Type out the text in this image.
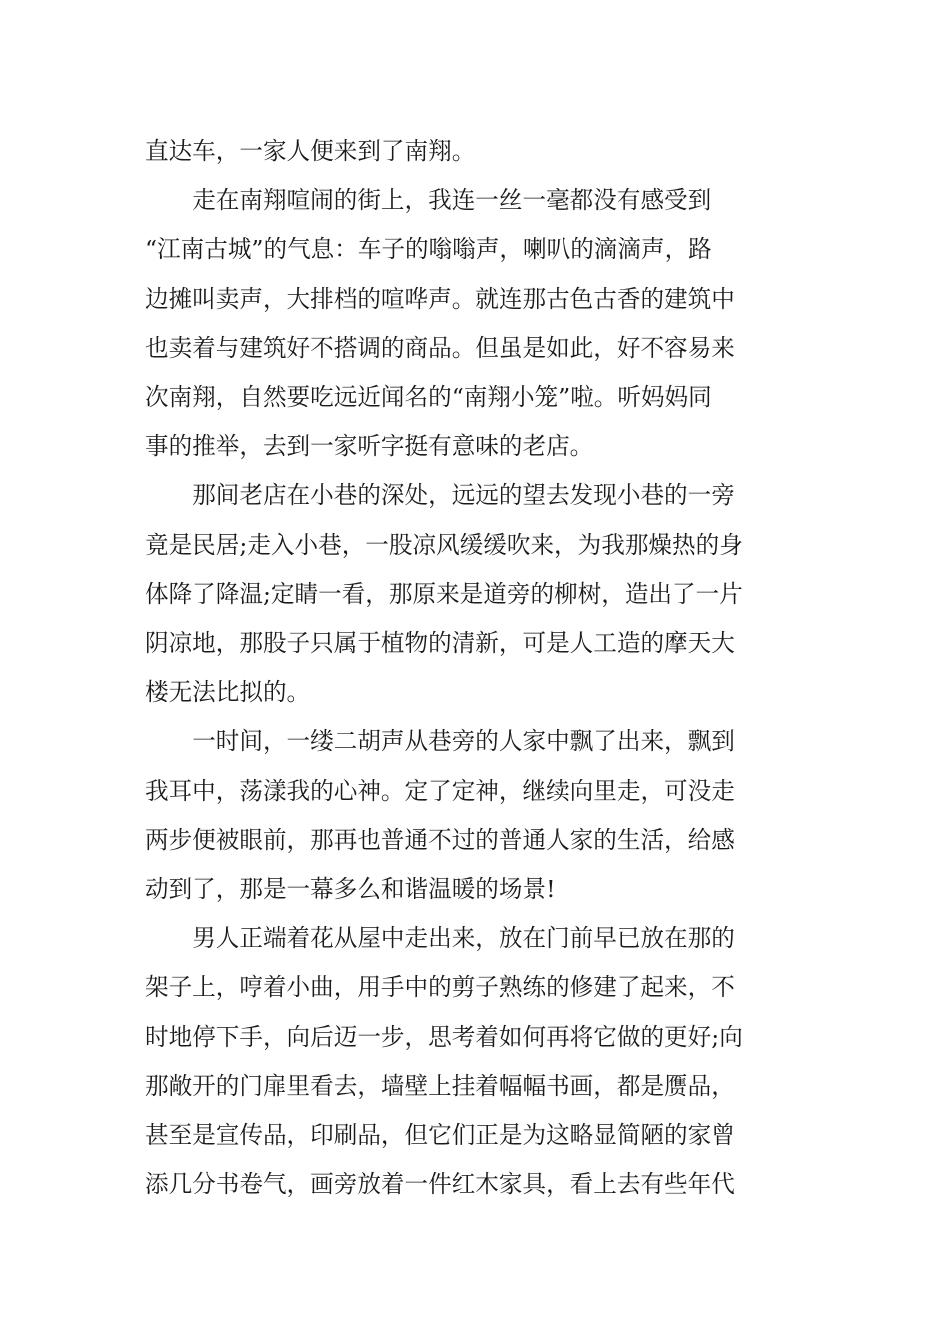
直达车，一家人便来到了南翔。

走在南翔喧闹的街上，我连一丝一毫都没有感受到
“江南古城”的气息：车子的嗡嗡声，喇叭的滴滴声，路
边摊叫卖声，大排档的喧哗声。就连那古色古香的建筑中
也卖着与建筑好不搭调的商品。但虽是如此，好不容易来
次南翔，自然要吃远近闻名的“南翔小笼”啦。听妈妈同
事的推举，去到一家听字挺有意味的老店。

那间老店在小巷的深处，远远的望去发现小巷的一旁
竟是民居;走入小巷，一股凉风缓缓吹来，为我那燥热的身
体降了降温;定睛一看，那原来是道旁的柳树，造出了一片
阴凉地，那股子只属于植物的清新，可是人工造的摩天大
楼无法比拟的。

一时间，一缕二胡声从巷旁的人家中飘了出来，飘到
我耳中，荡漾我的心神。定了定神，继续向里走，可没走
两步便被眼前，那再也普通不过的普通人家的生活，给感
动到了，那是一幕多么和谐温暖的场景!

男人正端着花从屋中走出来，放在门前早已放在那的
架子上，哼着小曲，用手中的剪子熟练的修建了起来，不
时地停下手，向后迈一步，思考着如何再将它做的更好;向
那敞开的门扉里看去，墙壁上挂着幅幅书画，都是赝品，
甚至是宣传品，印刷品，但它们正是为这略显简陋的家曾
添几分书卷气，画旁放着一件红木家具，看上去有些年代
